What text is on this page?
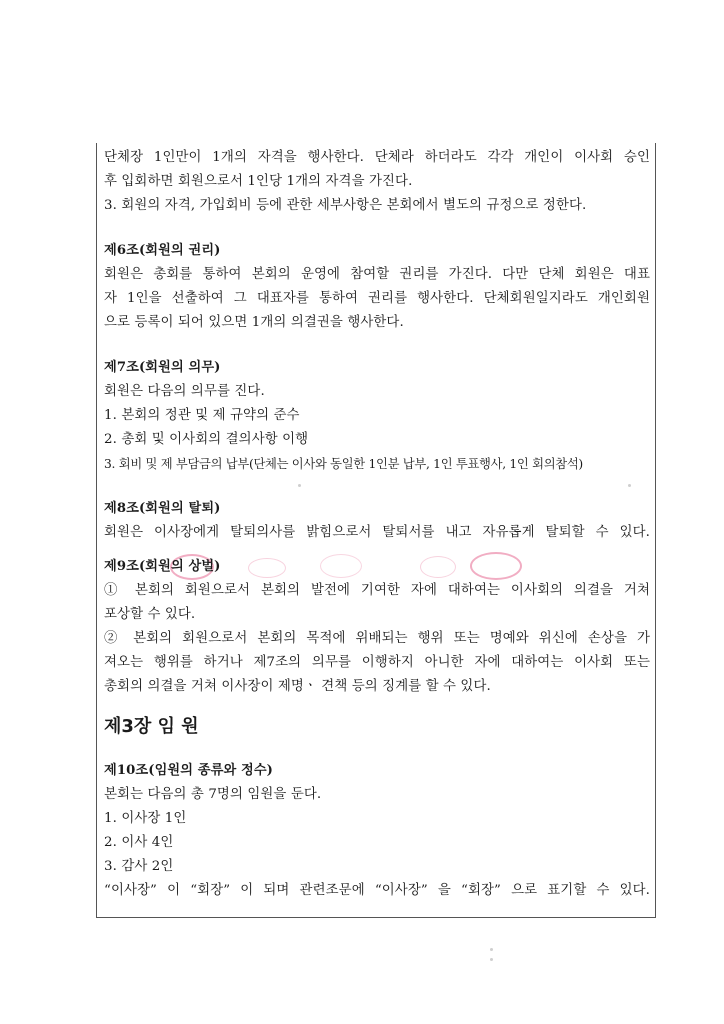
단체장 1인만이 1개의 자격을 행사한다. 단체라 하더라도 각각 개인이 이사회 승인
후 입회하면 회원으로서 1인당 1개의 자격을 가진다.
3. 회원의 자격, 가입회비 등에 관한 세부사항은 본회에서 별도의 규정으로 정한다.
제6조(회원의 권리)
회원은 총회를 통하여 본회의 운영에 참여할 권리를 가진다. 다만 단체 회원은 대표
자 1인을 선출하여 그 대표자를 통하여 권리를 행사한다. 단체회원일지라도 개인회원
으로 등록이 되어 있으면 1개의 의결권을 행사한다.
제7조(회원의 의무)
회원은 다음의 의무를 진다.
1. 본회의 정관 및 제 규약의 준수
2. 총회 및 이사회의 결의사항 이행
3. 회비 및 제 부담금의 납부(단체는 이사와 동일한 1인분 납부, 1인 투표행사, 1인 회의참석)
제8조(회원의 탈퇴)
회원은 이사장에게 탈퇴의사를 밝힘으로서 탈퇴서를 내고 자유롭게 탈퇴할 수 있다.
제9조(회원의 상벌)
① 본회의 회원으로서 본회의 발전에 기여한 자에 대하여는 이사회의 의결을 거쳐
포상할 수 있다.
② 본회의 회원으로서 본회의 목적에 위배되는 행위 또는 명예와 위신에 손상을 가
져오는 행위를 하거나 제7조의 의무를 이행하지 아니한 자에 대하여는 이사회 또는
총회의 의결을 거쳐 이사장이 제명ㆍ 견책 등의 징계를 할 수 있다.
제3장 임 원
제10조(임원의 종류와 정수)
본회는 다음의 총 7명의 임원을 둔다.
1. 이사장 1인
2. 이사 4인
3. 감사 2인
“이사장” 이 “회장” 이 되며 관련조문에 “이사장” 을 “회장” 으로 표기할 수 있다.
